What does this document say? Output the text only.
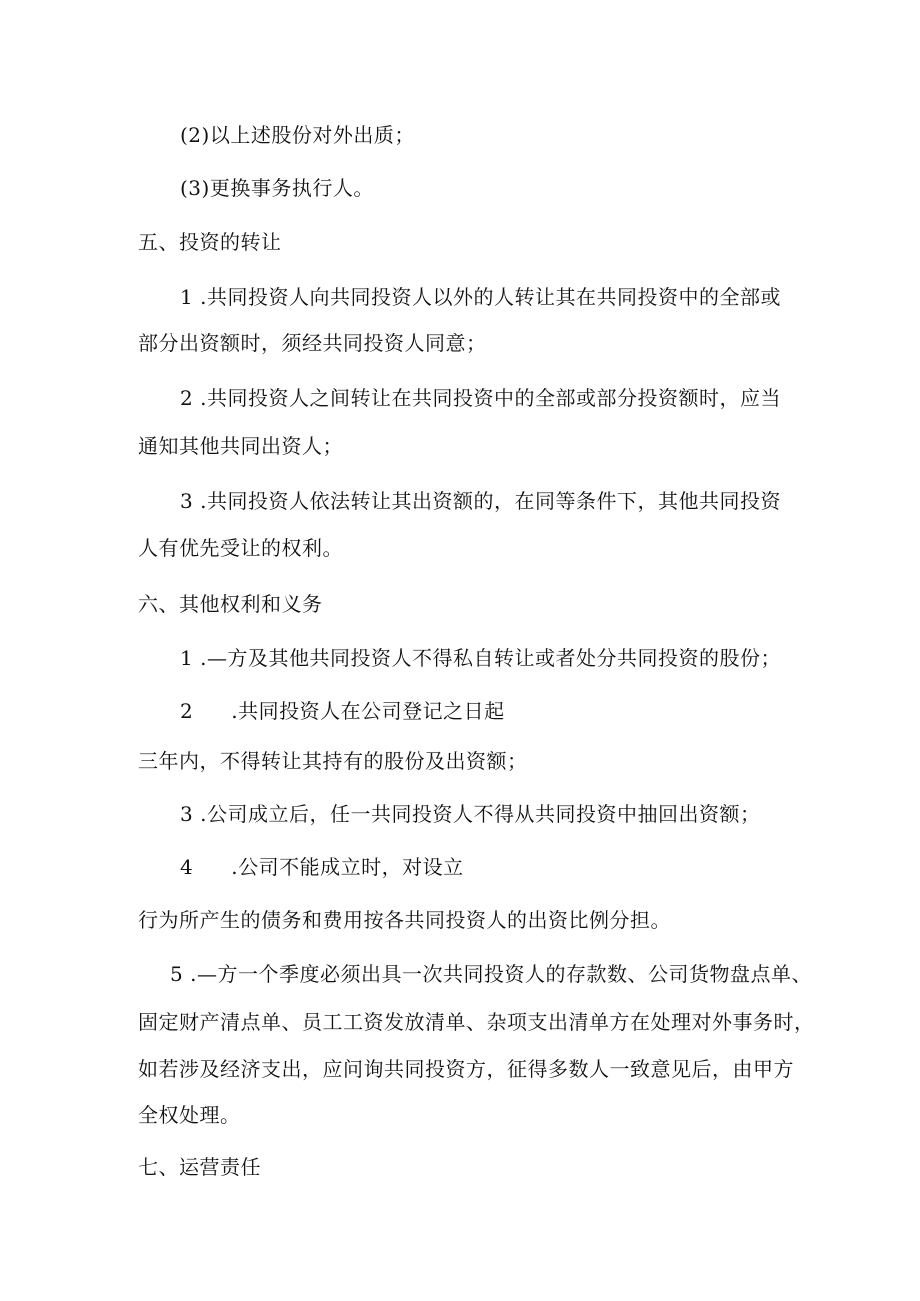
(2)以上述股份对外出质；
(3)更换事务执行人。
五、投资的转让
1 .共同投资人向共同投资人以外的人转让其在共同投资中的全部或
部分出资额时，须经共同投资人同意；
2 .共同投资人之间转让在共同投资中的全部或部分投资额时，应当
通知其他共同出资人；
3 .共同投资人依法转让其出资额的，在同等条件下，其他共同投资
人有优先受让的权利。
六、其他权利和义务
1 .—方及其他共同投资人不得私自转让或者处分共同投资的股份；
2 .共同投资人在公司登记之日起
三年内，不得转让其持有的股份及出资额；
3 .公司成立后，任一共同投资人不得从共同投资中抽回出资额；
4 .公司不能成立时，对设立
行为所产生的债务和费用按各共同投资人的出资比例分担。
5 .—方一个季度必须出具一次共同投资人的存款数、公司货物盘点单、
固定财产清点单、员工工资发放清单、杂项支出清单方在处理对外事务时，
如若涉及经济支出，应问询共同投资方，征得多数人一致意见后，由甲方
全权处理。
七、运营责任
